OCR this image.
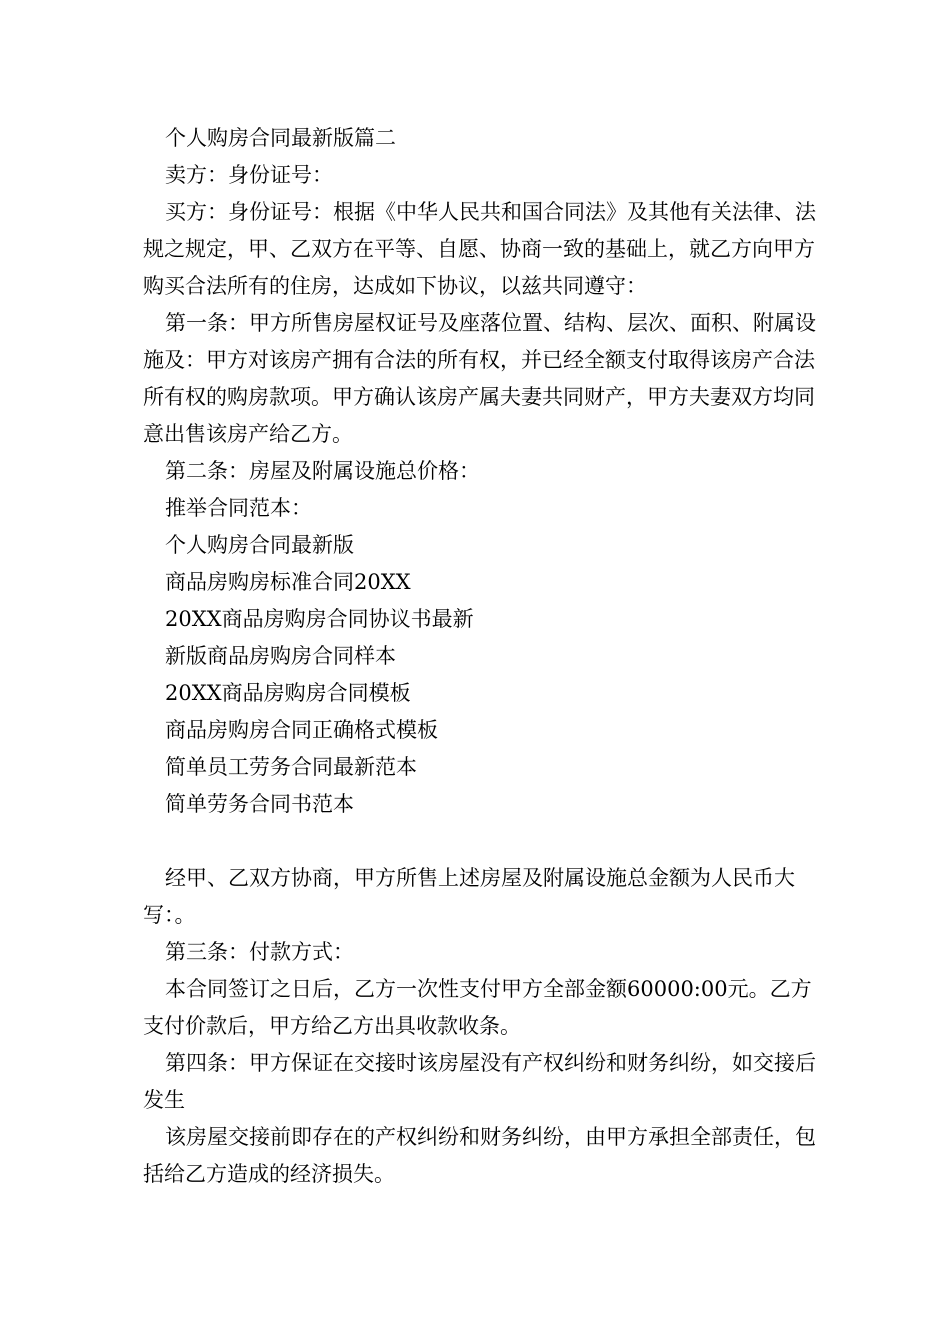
个人购房合同最新版篇二

卖方：身份证号：

买方：身份证号：根据《中华人民共和国合同法》及其他有关法律、法规之规定，甲、乙双方在平等、自愿、协商一致的基础上，就乙方向甲方购买合法所有的住房，达成如下协议，以兹共同遵守：

第一条：甲方所售房屋权证号及座落位置、结构、层次、面积、附属设施及：甲方对该房产拥有合法的所有权，并已经全额支付取得该房产合法所有权的购房款项。甲方确认该房产属夫妻共同财产，甲方夫妻双方均同意出售该房产给乙方。

第二条：房屋及附属设施总价格：

推举合同范本：

个人购房合同最新版

商品房购房标准合同20XX

20XX商品房购房合同协议书最新

新版商品房购房合同样本

20XX商品房购房合同模板

商品房购房合同正确格式模板

简单员工劳务合同最新范本

简单劳务合同书范本

经甲、乙双方协商，甲方所售上述房屋及附属设施总金额为人民币大写：。

第三条：付款方式：

本合同签订之日后，乙方一次性支付甲方全部金额60000:00元。乙方支付价款后，甲方给乙方出具收款收条。

第四条：甲方保证在交接时该房屋没有产权纠纷和财务纠纷，如交接后发生

该房屋交接前即存在的产权纠纷和财务纠纷，由甲方承担全部责任，包括给乙方造成的经济损失。
